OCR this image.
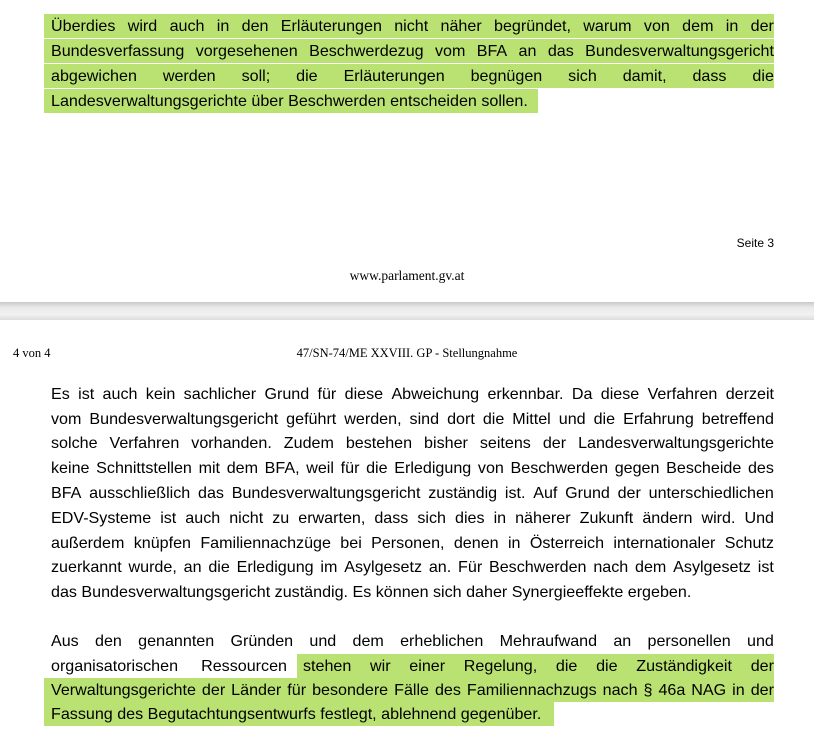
Überdies wird auch in den Erläuterungen nicht näher begründet, warum von dem in der
Bundesverfassung vorgesehenen Beschwerdezug vom BFA an das Bundesverwaltungsgericht
abgewichen werden soll; die Erläuterungen begnügen sich damit, dass die
Landesverwaltungsgerichte über Beschwerden entscheiden sollen.
Seite 3
www.parlament.gv.at
4 von 4	47/SN-74/ME XXVIII. GP - Stellungnahme
Es ist auch kein sachlicher Grund für diese Abweichung erkennbar. Da diese Verfahren derzeit
vom Bundesverwaltungsgericht geführt werden, sind dort die Mittel und die Erfahrung betreffend
solche Verfahren vorhanden. Zudem bestehen bisher seitens der Landesverwaltungsgerichte
keine Schnittstellen mit dem BFA, weil für die Erledigung von Beschwerden gegen Bescheide des
BFA ausschließlich das Bundesverwaltungsgericht zuständig ist. Auf Grund der unterschiedlichen
EDV-Systeme ist auch nicht zu erwarten, dass sich dies in näherer Zukunft ändern wird. Und
außerdem knüpfen Familiennachzüge bei Personen, denen in Österreich internationaler Schutz
zuerkannt wurde, an die Erledigung im Asylgesetz an. Für Beschwerden nach dem Asylgesetz ist
das Bundesverwaltungsgericht zuständig. Es können sich daher Synergieeffekte ergeben.
Aus den genannten Gründen und dem erheblichen Mehraufwand an personellen und
organisatorischen Ressourcen stehen wir einer Regelung, die die Zuständigkeit der
Verwaltungsgerichte der Länder für besondere Fälle des Familiennachzugs nach § 46a NAG in der
Fassung des Begutachtungsentwurfs festlegt, ablehnend gegenüber.
